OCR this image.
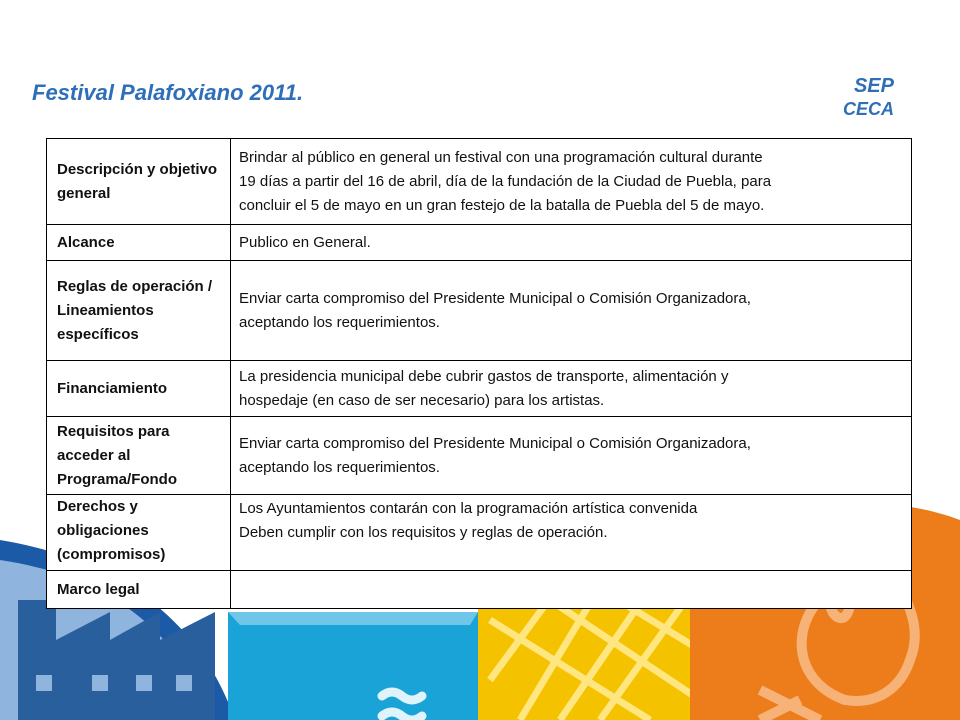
Festival Palafoxiano 2011.	SEP
CECA
Descripción y objetivo general	Brindar al público en general un festival con una programación cultural durante
19 días a partir del 16 de abril, día de la fundación de la Ciudad de Puebla, para
concluir el 5 de mayo en un gran festejo de la batalla de Puebla del 5 de mayo.

Alcance	Publico en General.

Reglas de operación / Lineamientos específicos	Enviar carta compromiso del Presidente Municipal o Comisión Organizadora,
aceptando los requerimientos.

Financiamiento	La presidencia municipal debe cubrir gastos de transporte, alimentación y
hospedaje (en caso de ser necesario) para los artistas.

Requisitos para acceder al Programa/Fondo	Enviar carta compromiso del Presidente Municipal o Comisión Organizadora,
aceptando los requerimientos.

Derechos y obligaciones (compromisos)	Los Ayuntamientos contarán con la programación artística convenida
Deben cumplir con los requisitos y reglas de operación.

Marco legal	
